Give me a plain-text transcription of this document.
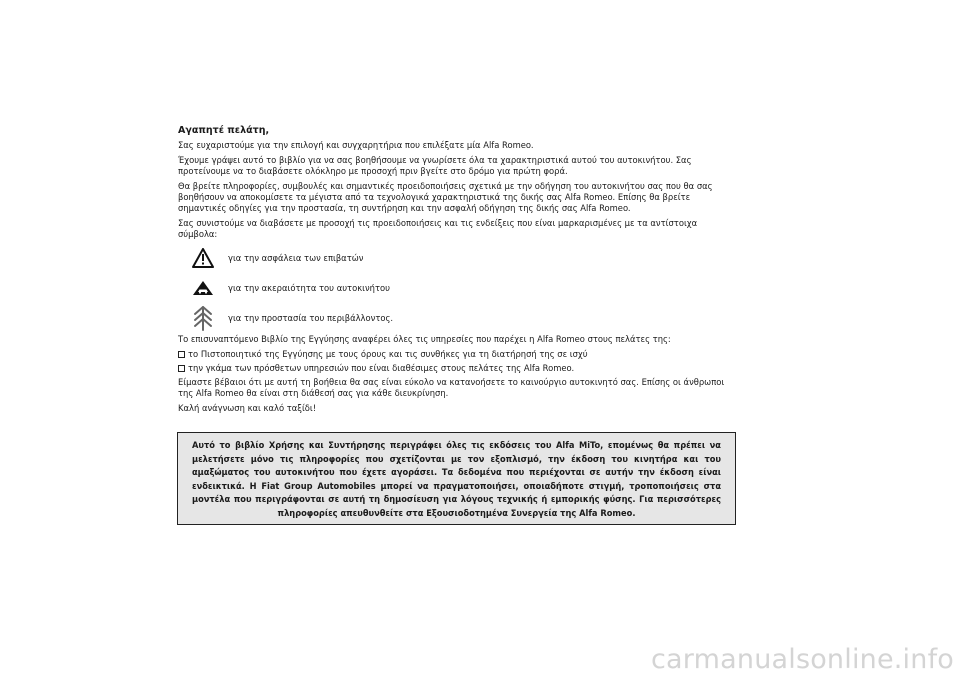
Αγαπητέ πελάτη,
Σας ευχαριστούμε για την επιλογή και συγχαρητήρια που επιλέξατε μία Alfa Romeo.
Έχουμε γράψει αυτό το βιβλίο για να σας βοηθήσουμε να γνωρίσετε όλα τα χαρακτηριστικά αυτού του αυτοκινήτου. Σας προτείνουμε να το διαβάσετε ολόκληρο με προσοχή πριν βγείτε στο δρόμο για πρώτη φορά.
Θα βρείτε πληροφορίες, συμβουλές και σημαντικές προειδοποιήσεις σχετικά με την οδήγηση του αυτοκινήτου σας που θα σας βοηθήσουν να αποκομίσετε τα μέγιστα από τα τεχνολογικά χαρακτηριστικά της δικής σας Alfa Romeo. Επίσης θα βρείτε σημαντικές οδηγίες για την προστασία, τη συντήρηση και την ασφαλή οδήγηση της δικής σας Alfa Romeo.
Σας συνιστούμε να διαβάσετε με προσοχή τις προειδοποιήσεις και τις ενδείξεις που είναι μαρκαρισμένες με τα αντίστοιχα σύμβολα:
για την ασφάλεια των επιβατών
για την ακεραιότητα του αυτοκινήτου
για την προστασία του περιβάλλοντος.
Το επισυναπτόμενο Βιβλίο της Εγγύησης αναφέρει όλες τις υπηρεσίες που παρέχει η Alfa Romeo στους πελάτες της:
το Πιστοποιητικό της Εγγύησης με τους όρους και τις συνθήκες για τη διατήρησή της σε ισχύ
την γκάμα των πρόσθετων υπηρεσιών που είναι διαθέσιμες στους πελάτες της Alfa Romeo.
Είμαστε βέβαιοι ότι με αυτή τη βοήθεια θα σας είναι εύκολο να κατανοήσετε το καινούργιο αυτοκινητό σας. Επίσης οι άνθρωποι της Alfa Romeo θα είναι στη διάθεσή σας για κάθε διευκρίνηση.
Καλή ανάγνωση και καλό ταξίδι!
Αυτό το βιβλίο Χρήσης και Συντήρησης περιγράφει όλες τις εκδόσεις του Alfa MiTo, επομένως θα πρέπει να μελετήσετε μόνο τις πληροφορίες που σχετίζονται με τον εξοπλισμό, την έκδοση του κινητήρα και του αμαξώματος του αυτοκινήτου που έχετε αγοράσει. Τα δεδομένα που περιέχονται σε αυτήν την έκδοση είναι ενδεικτικά. Η Fiat Group Automobiles μπορεί να πραγματοποιήσει, οποιαδήποτε στιγμή, τροποποιήσεις στα μοντέλα που περιγράφονται σε αυτή τη δημοσίευση για λόγους τεχνικής ή εμπορικής φύσης. Για περισσότερες πληροφορίες απευθυνθείτε στα Εξουσιοδοτημένα Συνεργεία της Alfa Romeo.
carmanualsonline.info
